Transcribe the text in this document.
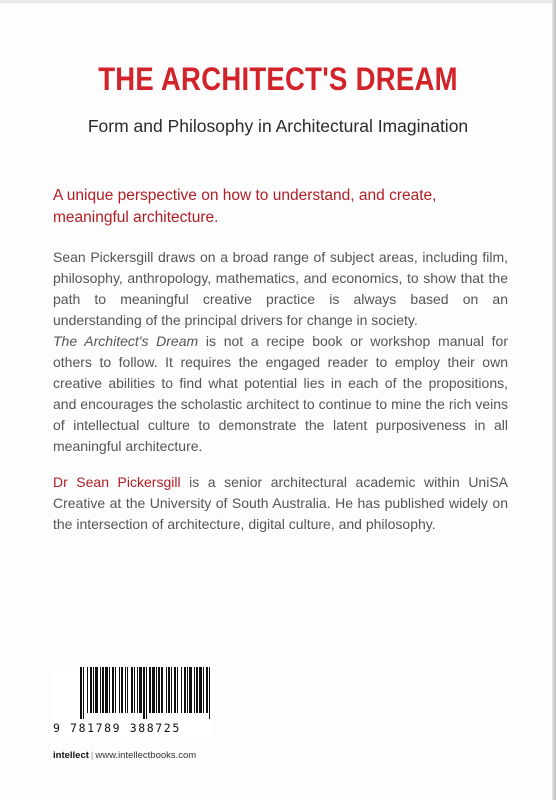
THE ARCHITECT'S DREAM

Form and Philosophy in Architectural Imagination

A unique perspective on how to understand, and create, meaningful architecture.

Sean Pickersgill draws on a broad range of subject areas, including film, philosophy, anthropology, mathematics, and economics, to show that the path to meaningful creative practice is always based on an understanding of the principal drivers for change in society.

The Architect's Dream is not a recipe book or workshop manual for others to follow. It requires the engaged reader to employ their own creative abilities to find what potential lies in each of the propositions, and encourages the scholastic architect to continue to mine the rich veins of intellectual culture to demonstrate the latent purposiveness in all meaningful architecture.

Dr Sean Pickersgill is a senior architectural academic within UniSA Creative at the University of South Australia. He has published widely on the intersection of architecture, digital culture, and philosophy.

9 781789 388725

intellect | www.intellectbooks.com
